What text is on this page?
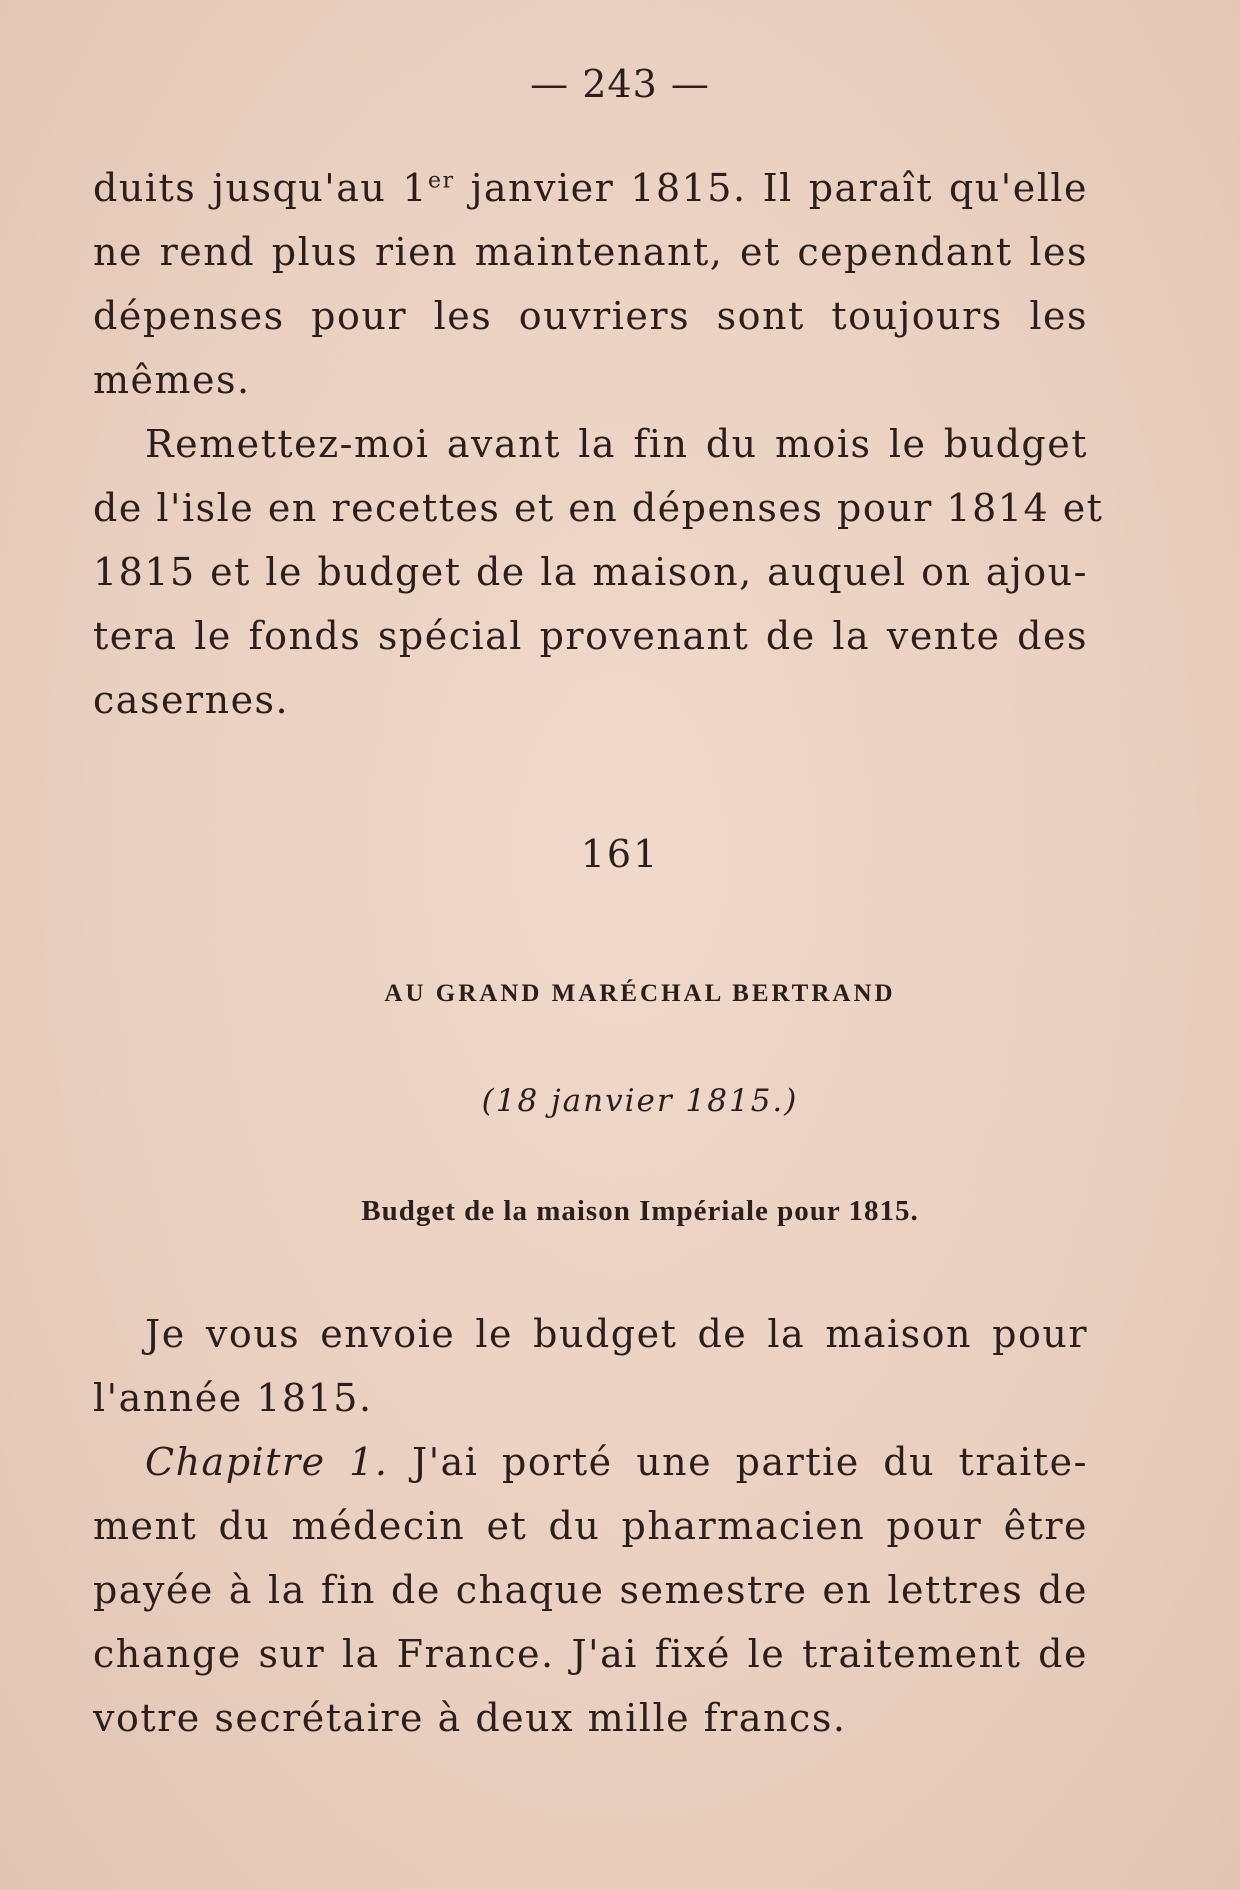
— 243 —
duits jusqu'au 1er janvier 1815. Il paraît qu'elle
ne rend plus rien maintenant, et cependant les
dépenses pour les ouvriers sont toujours les
mêmes.
Remettez-moi avant la fin du mois le budget
de l'isle en recettes et en dépenses pour 1814 et
1815 et le budget de la maison, auquel on ajou-
tera le fonds spécial provenant de la vente des
casernes.
161
AU GRAND MARÉCHAL BERTRAND
(18 janvier 1815.)
Budget de la maison Impériale pour 1815.
Je vous envoie le budget de la maison pour
l'année 1815.
Chapitre 1. J'ai porté une partie du traite-
ment du médecin et du pharmacien pour être
payée à la fin de chaque semestre en lettres de
change sur la France. J'ai fixé le traitement de
votre secrétaire à deux mille francs.
